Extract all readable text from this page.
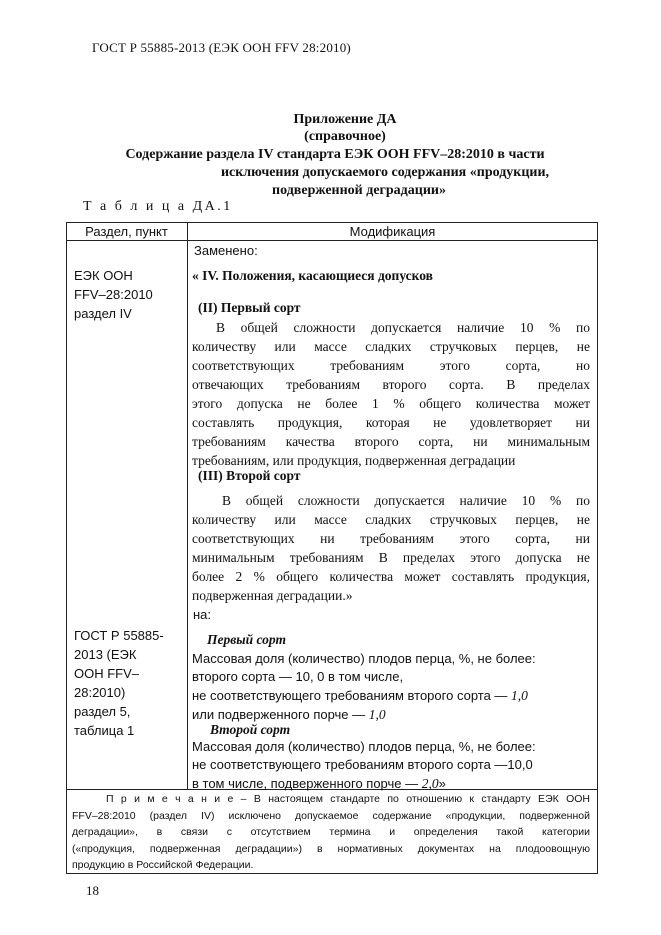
ГОСТ Р 55885-2013 (ЕЭК ООН FFV 28:2010)
Приложение ДА
(справочное)
Содержание раздела IV стандарта ЕЭК ООН FFV–28:2010 в части
исключения допускаемого содержания «продукции,
подверженной деградации»
Т а б л и ц а ДА.1
Раздел, пункт	Модификация
ЕЭК ООН
FFV–28:2010
раздел IV
ГОСТ Р 55885-
2013 (ЕЭК
ООН FFV–
28:2010)
раздел 5,
таблица 1
Заменено:
« IV. Положения, касающиеся допусков
(II) Первый сорт
В общей сложности допускается наличие 10 % по
количеству или массе сладких стручковых перцев, не
соответствующих требованиям этого сорта, но
отвечающих требованиям второго сорта. В пределах
этого допуска не более 1 % общего количества может
составлять продукция, которая не удовлетворяет ни
требованиям качества второго сорта, ни минимальным
требованиям, или продукция, подверженная деградации
(III) Второй сорт
В общей сложности допускается наличие 10 % по
количеству или массе сладких стручковых перцев, не
соответствующих ни требованиям этого сорта, ни
минимальным требованиям В пределах этого допуска не
более 2 % общего количества может составлять продукция,
подверженная деградации.»
на:
Первый сорт
Массовая доля (количество) плодов перца, %, не более:
второго сорта — 10, 0 в том числе,
не соответствующего требованиям второго сорта — 1,0
или подверженного порче — 1,0
Второй сорт
Массовая доля (количество) плодов перца, %, не более:
не соответствующего требованиям второго сорта —10,0
в том числе, подверженного порче — 2,0»
П р и м е ч а н и е – В настоящем стандарте по отношению к стандарту ЕЭК ООН
FFV–28:2010 (раздел IV) исключено допускаемое содержание «продукции, подверженной
деградации», в связи с отсутствием термина и определения такой категории
(«продукция, подверженная деградации») в нормативных документах на плодоовощную
продукцию в Российской Федерации.
18
